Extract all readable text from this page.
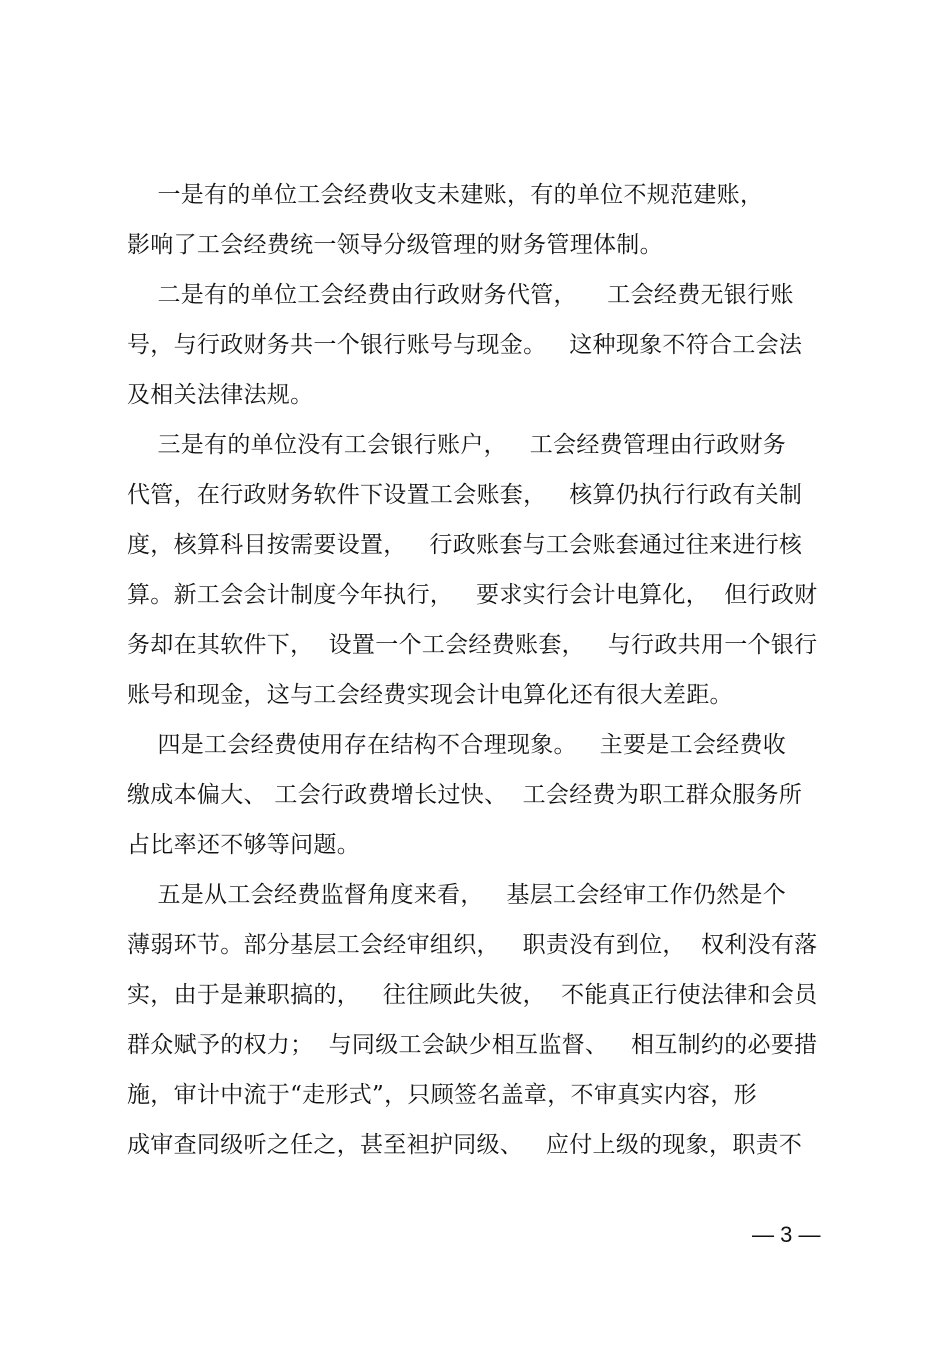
一是有的单位工会经费收支未建账，有的单位不规范建账，
影响了工会经费统一领导分级管理的财务管理体制。
二是有的单位工会经费由行政财务代管，    工会经费无银行账
号，与行政财务共一个银行账号与现金。   这种现象不符合工会法
及相关法律法规。
三是有的单位没有工会银行账户，   工会经费管理由行政财务
代管，在行政财务软件下设置工会账套，   核算仍执行行政有关制
度，核算科目按需要设置，   行政账套与工会账套通过往来进行核
算。新工会会计制度今年执行，   要求实行会计电算化，  但行政财
务却在其软件下，  设置一个工会经费账套，   与行政共用一个银行
账号和现金，这与工会经费实现会计电算化还有很大差距。
四是工会经费使用存在结构不合理现象。   主要是工会经费收
缴成本偏大、 工会行政费增长过快、  工会经费为职工群众服务所
占比率还不够等问题。
五是从工会经费监督角度来看，   基层工会经审工作仍然是个
薄弱环节。部分基层工会经审组织，   职责没有到位，  权利没有落
实，由于是兼职搞的，   往往顾此失彼，  不能真正行使法律和会员
群众赋予的权力；  与同级工会缺少相互监督、   相互制约的必要措
施，审计中流于“走形式”，只顾签名盖章，不审真实内容，形
成审查同级听之任之，甚至袒护同级、   应付上级的现象，职责不
— 3 —
